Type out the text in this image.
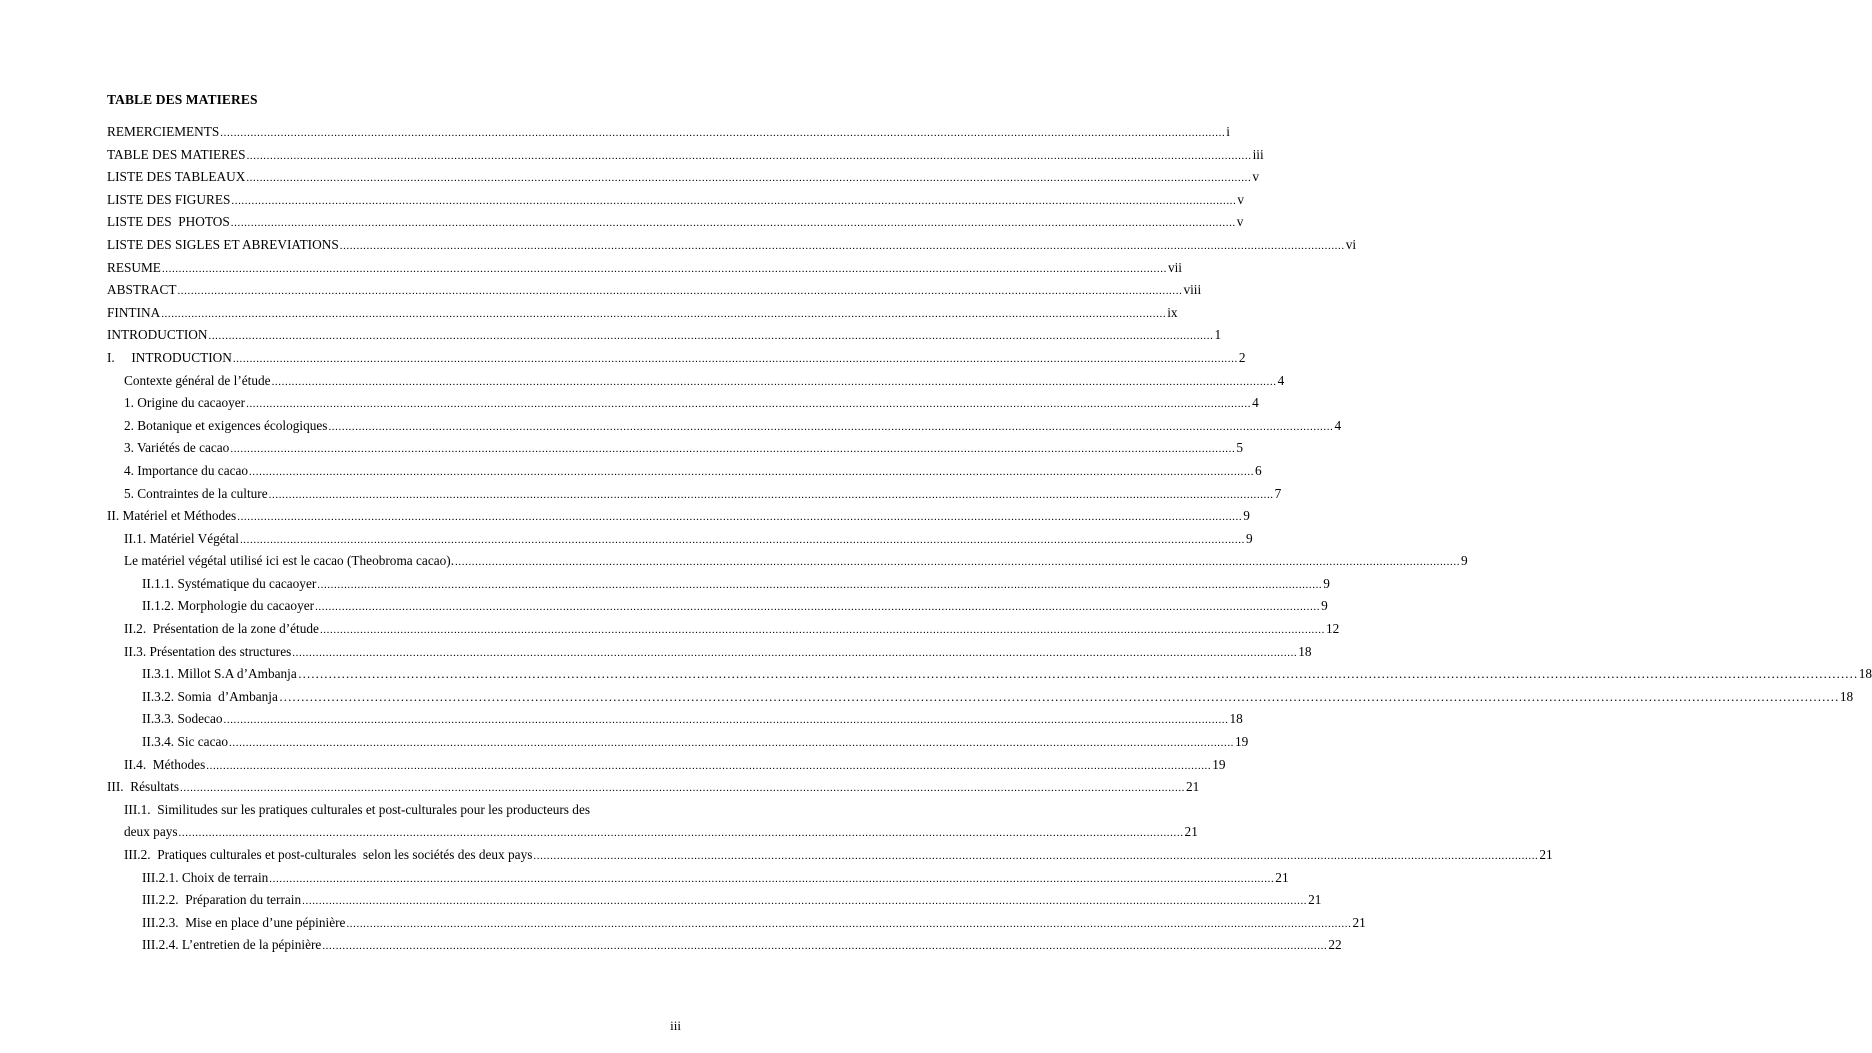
TABLE DES MATIERES
REMERCIEMENTS ............................................................................................................................................................................................................................................................................................................ i
TABLE DES MATIERES ............................................................................................................................................................................................................................................................................................................ iii
LISTE DES TABLEAUX ............................................................................................................................................................................................................................................................................................................ v
LISTE DES FIGURES ............................................................................................................................................................................................................................................................................................................ v
LISTE DES  PHOTOS ............................................................................................................................................................................................................................................................................................................ v
LISTE DES SIGLES ET ABREVIATIONS ............................................................................................................................................................................................................................................................................................................ vi
RESUME ............................................................................................................................................................................................................................................................................................................ vii
ABSTRACT ............................................................................................................................................................................................................................................................................................................ viii
FINTINA ............................................................................................................................................................................................................................................................................................................ ix
INTRODUCTION ............................................................................................................................................................................................................................................................................................................ 1
I.     INTRODUCTION ............................................................................................................................................................................................................................................................................................................ 2
Contexte général de l’étude ............................................................................................................................................................................................................................................................................................................ 4
1. Origine du cacaoyer ............................................................................................................................................................................................................................................................................................................ 4
2. Botanique et exigences écologiques ............................................................................................................................................................................................................................................................................................................ 4
3. Variétés de cacao ............................................................................................................................................................................................................................................................................................................ 5
4. Importance du cacao ............................................................................................................................................................................................................................................................................................................ 6
5. Contraintes de la culture ............................................................................................................................................................................................................................................................................................................ 7
II. Matériel et Méthodes ............................................................................................................................................................................................................................................................................................................ 9
II.1. Matériel Végétal ............................................................................................................................................................................................................................................................................................................ 9
Le matériel végétal utilisé ici est le cacao (Theobroma cacao). ............................................................................................................................................................................................................................................................................................................ 9
II.1.1. Systématique du cacaoyer ............................................................................................................................................................................................................................................................................................................ 9
II.1.2. Morphologie du cacaoyer ............................................................................................................................................................................................................................................................................................................ 9
II.2.  Présentation de la zone d’étude ............................................................................................................................................................................................................................................................................................................ 12
II.3. Présentation des structures ............................................................................................................................................................................................................................................................................................................ 18
II.3.1. Millot S.A d’Ambanja ……………………………………………………………………………………………………………………………………………………………………………………………………………………………………………………………………………………………………………………………… 18
II.3.2. Somia  d’Ambanja ……………………………………………………………………………………………………………………………………………………………………………………………………………………………………………………………………………………………………………………………… 18
II.3.3. Sodecao ............................................................................................................................................................................................................................................................................................................ 18
II.3.4. Sic cacao ............................................................................................................................................................................................................................................................................................................ 19
II.4.  Méthodes ............................................................................................................................................................................................................................................................................................................ 19
III.  Résultats ............................................................................................................................................................................................................................................................................................................ 21
III.1.  Similitudes sur les pratiques culturales et post-culturales pour les producteurs des
deux pays ............................................................................................................................................................................................................................................................................................................ 21
III.2.  Pratiques culturales et post-culturales  selon les sociétés des deux pays ............................................................................................................................................................................................................................................................................................................ 21
III.2.1. Choix de terrain ............................................................................................................................................................................................................................................................................................................ 21
III.2.2.  Préparation du terrain ............................................................................................................................................................................................................................................................................................................ 21
III.2.3.  Mise en place d’une pépinière ............................................................................................................................................................................................................................................................................................................ 21
III.2.4. L’entretien de la pépinière ............................................................................................................................................................................................................................................................................................................ 22
iii
